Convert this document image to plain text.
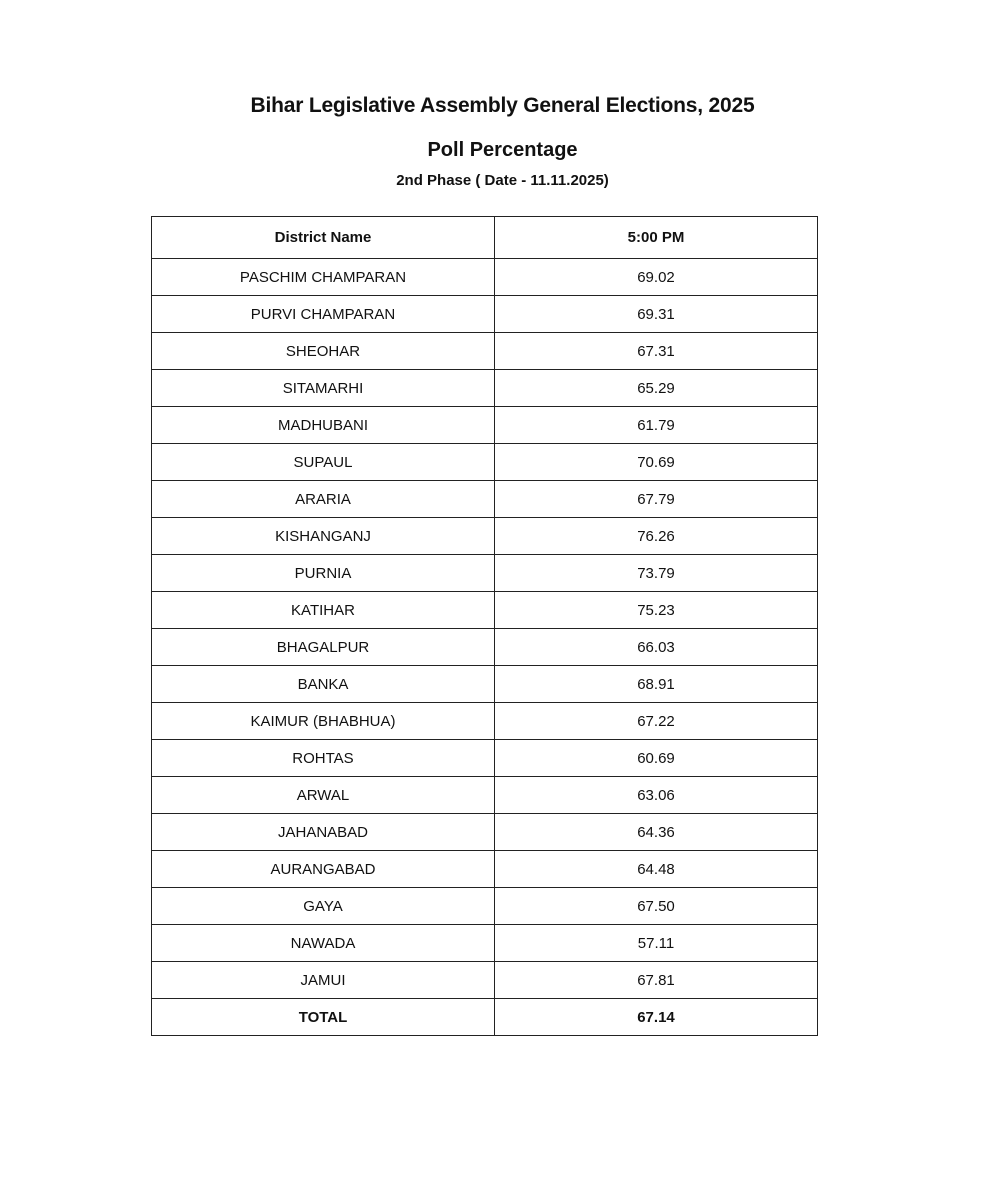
Bihar Legislative Assembly General Elections, 2025
Poll Percentage
2nd Phase ( Date - 11.11.2025)
District Name	5:00 PM
PASCHIM CHAMPARAN	69.02
PURVI CHAMPARAN	69.31
SHEOHAR	67.31
SITAMARHI	65.29
MADHUBANI	61.79
SUPAUL	70.69
ARARIA	67.79
KISHANGANJ	76.26
PURNIA	73.79
KATIHAR	75.23
BHAGALPUR	66.03
BANKA	68.91
KAIMUR (BHABHUA)	67.22
ROHTAS	60.69
ARWAL	63.06
JAHANABAD	64.36
AURANGABAD	64.48
GAYA	67.50
NAWADA	57.11
JAMUI	67.81
TOTAL	67.14
